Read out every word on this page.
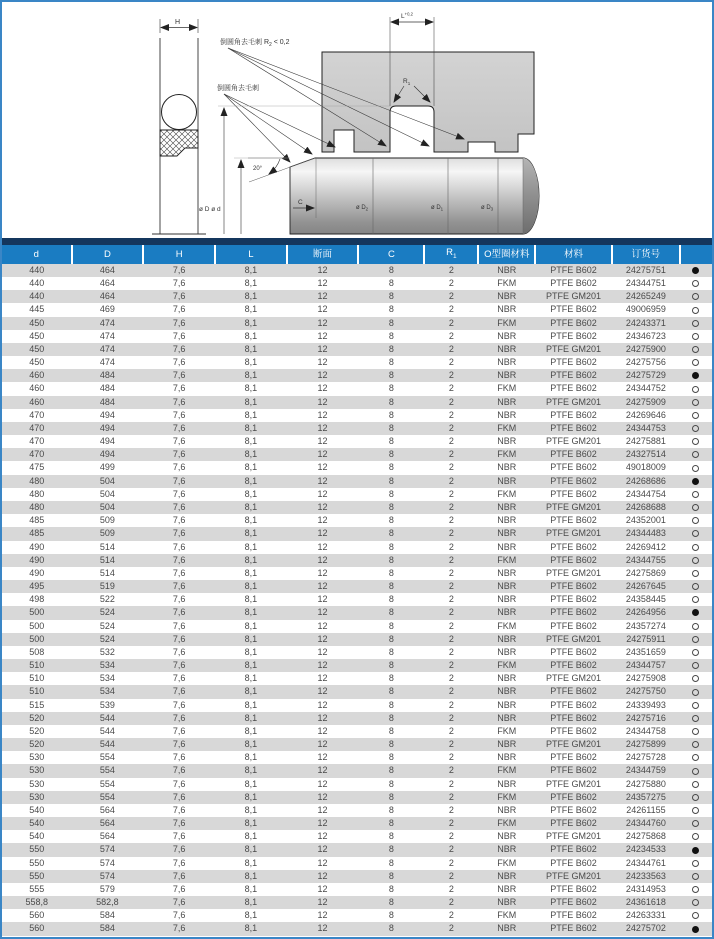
H
$L^{+0,2}$
$R_1$
倒圆角去毛刺 $R_2 < 0,2$
倒圆角去毛刺
20°
C
ø D ø d	ø $D_2$	ø $D_1$	ø $D_3$
d	D	H	L	断面	C	$R_1$	O型圈材料	材料	订货号	
440	464	7,6	8,1	12	8	2	NBR	PTFE B602	24275751	
440	464	7,6	8,1	12	8	2	FKM	PTFE B602	24344751	
440	464	7,6	8,1	12	8	2	NBR	PTFE GM201	24265249	
445	469	7,6	8,1	12	8	2	NBR	PTFE B602	49006959	
450	474	7,6	8,1	12	8	2	FKM	PTFE B602	24243371	
450	474	7,6	8,1	12	8	2	NBR	PTFE B602	24346723	
450	474	7,6	8,1	12	8	2	NBR	PTFE GM201	24275900	
450	474	7,6	8,1	12	8	2	NBR	PTFE B602	24275756	
460	484	7,6	8,1	12	8	2	NBR	PTFE B602	24275729	
460	484	7,6	8,1	12	8	2	FKM	PTFE B602	24344752	
460	484	7,6	8,1	12	8	2	NBR	PTFE GM201	24275909	
470	494	7,6	8,1	12	8	2	NBR	PTFE B602	24269646	
470	494	7,6	8,1	12	8	2	FKM	PTFE B602	24344753	
470	494	7,6	8,1	12	8	2	NBR	PTFE GM201	24275881	
470	494	7,6	8,1	12	8	2	FKM	PTFE B602	24327514	
475	499	7,6	8,1	12	8	2	NBR	PTFE B602	49018009	
480	504	7,6	8,1	12	8	2	NBR	PTFE B602	24268686	
480	504	7,6	8,1	12	8	2	FKM	PTFE B602	24344754	
480	504	7,6	8,1	12	8	2	NBR	PTFE GM201	24268688	
485	509	7,6	8,1	12	8	2	NBR	PTFE B602	24352001	
485	509	7,6	8,1	12	8	2	NBR	PTFE GM201	24344483	
490	514	7,6	8,1	12	8	2	NBR	PTFE B602	24269412	
490	514	7,6	8,1	12	8	2	FKM	PTFE B602	24344755	
490	514	7,6	8,1	12	8	2	NBR	PTFE GM201	24275869	
495	519	7,6	8,1	12	8	2	NBR	PTFE B602	24267645	
498	522	7,6	8,1	12	8	2	NBR	PTFE B602	24358445	
500	524	7,6	8,1	12	8	2	NBR	PTFE B602	24264956	
500	524	7,6	8,1	12	8	2	FKM	PTFE B602	24357274	
500	524	7,6	8,1	12	8	2	NBR	PTFE GM201	24275911	
508	532	7,6	8,1	12	8	2	NBR	PTFE B602	24351659	
510	534	7,6	8,1	12	8	2	FKM	PTFE B602	24344757	
510	534	7,6	8,1	12	8	2	NBR	PTFE GM201	24275908	
510	534	7,6	8,1	12	8	2	NBR	PTFE B602	24275750	
515	539	7,6	8,1	12	8	2	NBR	PTFE B602	24339493	
520	544	7,6	8,1	12	8	2	NBR	PTFE B602	24275716	
520	544	7,6	8,1	12	8	2	FKM	PTFE B602	24344758	
520	544	7,6	8,1	12	8	2	NBR	PTFE GM201	24275899	
530	554	7,6	8,1	12	8	2	NBR	PTFE B602	24275728	
530	554	7,6	8,1	12	8	2	FKM	PTFE B602	24344759	
530	554	7,6	8,1	12	8	2	NBR	PTFE GM201	24275880	
530	554	7,6	8,1	12	8	2	FKM	PTFE B602	24357275	
540	564	7,6	8,1	12	8	2	NBR	PTFE B602	24261155	
540	564	7,6	8,1	12	8	2	FKM	PTFE B602	24344760	
540	564	7,6	8,1	12	8	2	NBR	PTFE GM201	24275868	
550	574	7,6	8,1	12	8	2	NBR	PTFE B602	24234533	
550	574	7,6	8,1	12	8	2	FKM	PTFE B602	24344761	
550	574	7,6	8,1	12	8	2	NBR	PTFE GM201	24233563	
555	579	7,6	8,1	12	8	2	NBR	PTFE B602	24314953	
558,8	582,8	7,6	8,1	12	8	2	NBR	PTFE B602	24361618	
560	584	7,6	8,1	12	8	2	FKM	PTFE B602	24263331	
560	584	7,6	8,1	12	8	2	NBR	PTFE B602	24275702	
